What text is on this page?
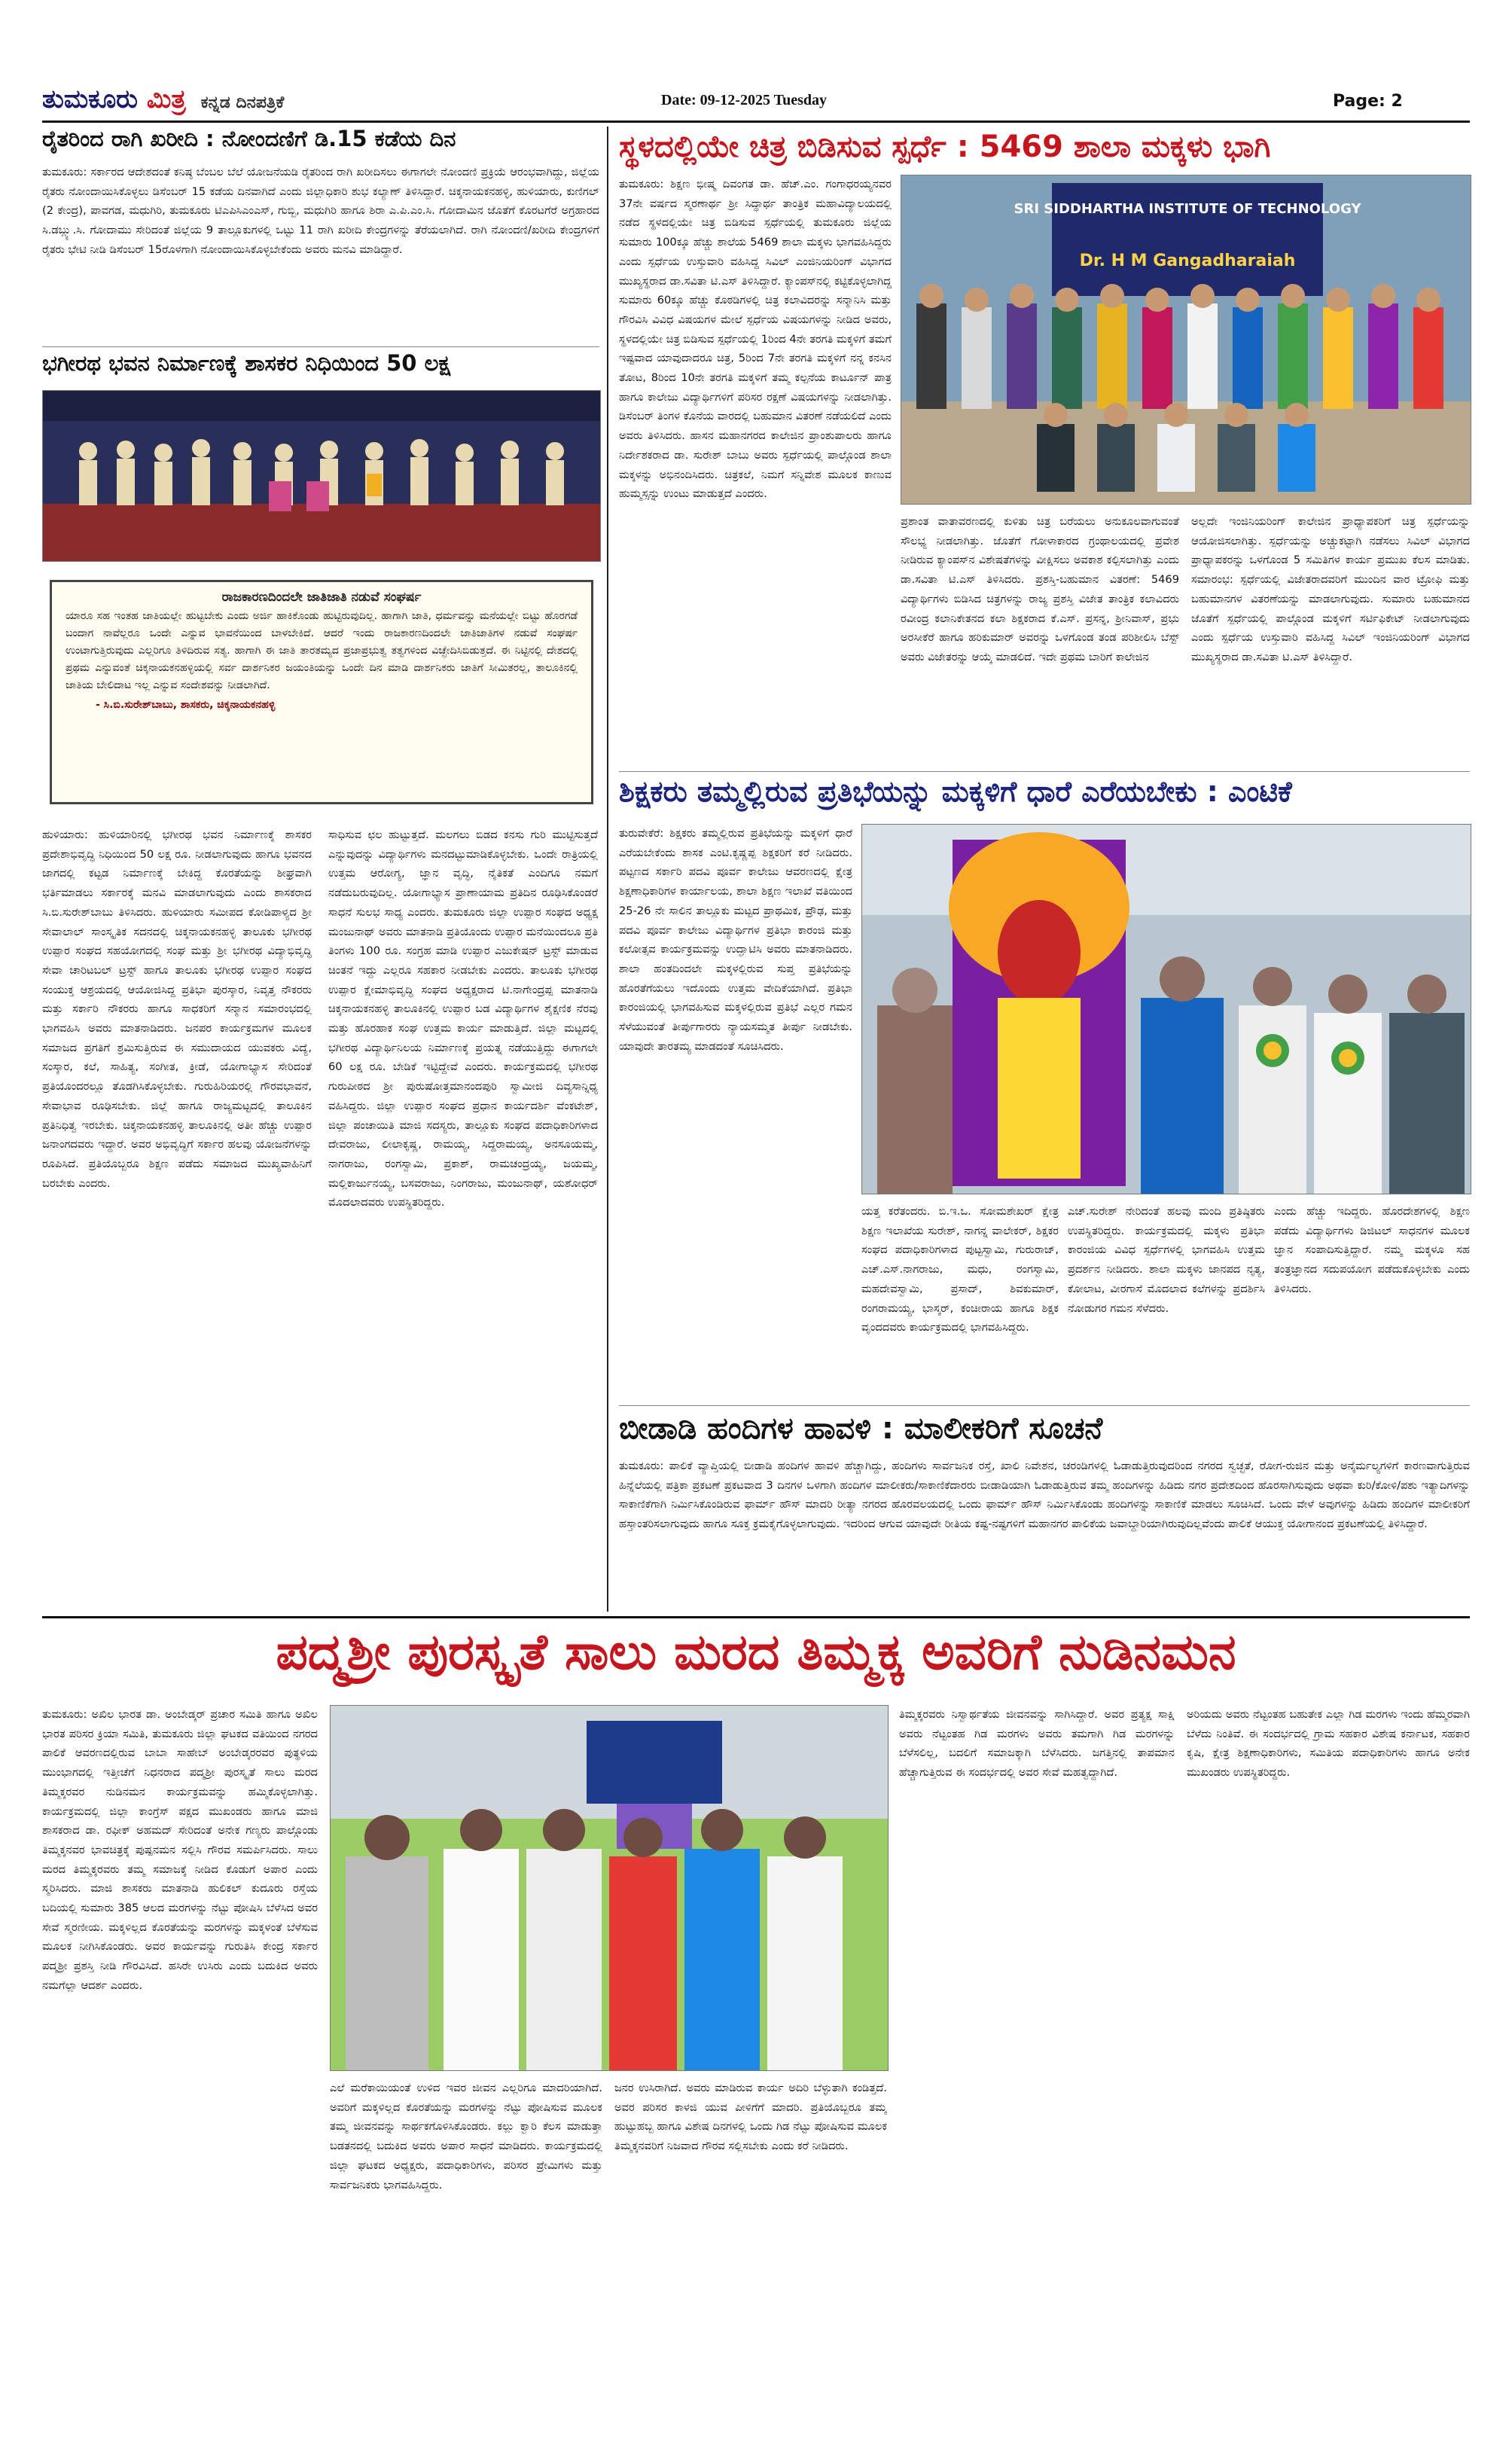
ತುಮಕೂರು ಮಿತ್ರ ಕನ್ನಡ ದಿನಪತ್ರಿಕೆ	Date: 09-12-2025 Tuesday	Page: 2
ರೈತರಿಂದ ರಾಗಿ ಖರೀದಿ : ನೋಂದಣಿಗೆ ಡಿ.15 ಕಡೆಯ ದಿನ
ತುಮಕೂರು: ಸರ್ಕಾರದ ಆದೇಶದಂತೆ ಕನಿಷ್ಠ ಬೆಂಬಲ ಬೆಲೆ ಯೋಜನೆಯಡಿ ರೈತರಿಂದ ರಾಗಿ ಖರೀದಿಸಲು ಈಗಾಗಲೇ ನೋಂದಣಿ ಪ್ರಕ್ರಿಯೆ ಆರಂಭವಾಗಿದ್ದು, ಜಿಲ್ಲೆಯ ರೈತರು ನೋಂದಾಯಿಸಿಕೊಳ್ಳಲು ಡಿಸೆಂಬರ್ 15 ಕಡೆಯ ದಿನವಾಗಿದೆ ಎಂದು ಜಿಲ್ಲಾಧಿಕಾರಿ ಶುಭ ಕಲ್ಯಾಣ್ ತಿಳಿಸಿದ್ದಾರೆ. ಚಿಕ್ಕನಾಯಕನಹಳ್ಳಿ, ಹುಳಿಯಾರು, ಕುಣಿಗಲ್ (2 ಕೇಂದ್ರ), ಪಾವಗಡ, ಮಧುಗಿರಿ, ತುಮಕೂರು ಟಿಎಪಿಸಿಎಂಎಸ್, ಗುಬ್ಬಿ, ಮಧುಗಿರಿ ಹಾಗೂ ಶಿರಾ ಎ.ಪಿ.ಎಂ.ಸಿ. ಗೋದಾಮಿನ ಜೊತೆಗೆ ಕೊರಟಗೆರೆ ಅಗ್ರಹಾರದ ಸಿ.ಡಬ್ಲ್ಯು.ಸಿ. ಗೋದಾಮು ಸೇರಿದಂತೆ ಜಿಲ್ಲೆಯ 9 ತಾಲ್ಲೂಕುಗಳಲ್ಲಿ ಒಟ್ಟು 11 ರಾಗಿ ಖರೀದಿ ಕೇಂದ್ರಗಳನ್ನು ತೆರೆಯಲಾಗಿದೆ. ರಾಗಿ ನೋಂದಣಿ/ಖರೀದಿ ಕೇಂದ್ರಗಳಿಗೆ ರೈತರು ಭೇಟಿ ನೀಡಿ ಡಿಸೆಂಬರ್ 15ರೊಳಗಾಗಿ ನೋಂದಾಯಿಸಿಕೊಳ್ಳಬೇಕೆಂದು ಅವರು ಮನವಿ ಮಾಡಿದ್ದಾರೆ.
ಭಗೀರಥ ಭವನ ನಿರ್ಮಾಣಕ್ಕೆ ಶಾಸಕರ ನಿಧಿಯಿಂದ 50 ಲಕ್ಷ
ರಾಜಕಾರಣದಿಂದಲೇ ಜಾತಿಜಾತಿ ನಡುವೆ ಸಂಘರ್ಷ
ಯಾರೂ ಸಹ ಇಂತಹ ಜಾತಿಯಲ್ಲೇ ಹುಟ್ಟಬೇಕು ಎಂದು ಅರ್ಜಿ ಹಾಕಿಕೊಂಡು ಹುಟ್ಟಿರುವುದಿಲ್ಲ. ಹಾಗಾಗಿ ಜಾತಿ, ಧರ್ಮವನ್ನು ಮನೆಯಲ್ಲೇ ಬಿಟ್ಟು ಹೊರಗಡೆ ಬಂದಾಗ ನಾವೆಲ್ಲರೂ ಒಂದೇ ಎನ್ನುವ ಭಾವನೆಯಿಂದ ಬಾಳಬೇಕಿದೆ. ಆದರೆ ಇಂದು ರಾಜಕಾರಣದಿಂದಲೇ ಜಾತಿಜಾತಿಗಳ ನಡುವೆ ಸಂಘರ್ಷ ಉಂಟಾಗುತ್ತಿರುವುದು ಎಲ್ಲರಿಗೂ ತಿಳಿದಿರುವ ಸತ್ಯ. ಹಾಗಾಗಿ ಈ ಜಾತಿ ತಾರತಮ್ಯದ ಪ್ರಜಾಪ್ರಭುತ್ವ ತತ್ವಗಳಿಂದ ವಿಚ್ಛೇದಿಸಿಬಿಡುತ್ತದೆ. ಈ ನಿಟ್ಟಿನಲ್ಲಿ ದೇಶದಲ್ಲಿ ಪ್ರಥಮ ಎನ್ನುವಂತೆ ಚಿಕ್ಕನಾಯಕನಹಳ್ಳಿಯಲ್ಲಿ ಸರ್ವ ದಾರ್ಶನಿಕರ ಜಯಂತಿಯನ್ನು ಒಂದೇ ದಿನ ಮಾಡಿ ದಾರ್ಶನಿಕರು ಜಾತಿಗೆ ಸೀಮಿತರಲ್ಲ, ತಾಲೂಕಿನಲ್ಲಿ ಜಾತಿಯ ಬೇಲಿದಾಟ ಇಲ್ಲ ಎನ್ನುವ ಸಂದೇಶವನ್ನು ನೀಡಲಾಗಿದೆ.
- ಸಿ.ಬಿ.ಸುರೇಶ್‌ಬಾಬು, ಶಾಸಕರು, ಚಿಕ್ಕನಾಯಕನಹಳ್ಳಿ
ಹುಳಿಯಾರು: ಹುಳಿಯಾರಿನಲ್ಲಿ ಭಗೀರಥ ಭವನ ನಿರ್ಮಾಣಕ್ಕೆ ಶಾಸಕರ ಪ್ರದೇಶಾಭಿವೃದ್ಧಿ ನಿಧಿಯಿಂದ 50 ಲಕ್ಷ ರೂ. ನೀಡಲಾಗುವುದು ಹಾಗೂ ಭವನದ ಜಾಗದಲ್ಲಿ ಕಟ್ಟಡ ನಿರ್ಮಾಣಕ್ಕೆ ಬೇಕಿದ್ದ ಕೊರತೆಯನ್ನು ಶೀಘ್ರವಾಗಿ ಭರ್ತಿಮಾಡಲು ಸರ್ಕಾರಕ್ಕೆ ಮನವಿ ಮಾಡಲಾಗುವುದು ಎಂದು ಶಾಸಕರಾದ ಸಿ.ಬಿ.ಸುರೇಶ್‌ಬಾಬು ತಿಳಿಸಿದರು. ಹುಳಿಯಾರು ಸಮೀಪದ ಕೋಡಿಪಾಳ್ಯದ ಶ್ರೀ ಸೇವಾಲಾಲ್ ಸಾಂಸ್ಕೃತಿಕ ಸದನದಲ್ಲಿ ಚಿಕ್ಕನಾಯಕನಹಳ್ಳಿ ತಾಲೂಕು ಭಗೀರಥ ಉಪ್ಪಾರ ಸಂಘದ ಸಹಯೋಗದಲ್ಲಿ ಸಂಘ ಮತ್ತು ಶ್ರೀ ಭಗೀರಥ ವಿದ್ಯಾಭಿವೃದ್ಧಿ ಸೇವಾ ಚಾರಿಟಬಲ್ ಟ್ರಸ್ಟ್ ಹಾಗೂ ತಾಲೂಕು ಭಗೀರಥ ಉಪ್ಪಾರ ಸಂಘದ ಸಂಯುಕ್ತ ಆಶ್ರಯದಲ್ಲಿ ಆಯೋಜಿಸಿದ್ದ ಪ್ರತಿಭಾ ಪುರಸ್ಕಾರ, ನಿವೃತ್ತ ನೌಕರರು ಮತ್ತು ಸರ್ಕಾರಿ ನೌಕರರು ಹಾಗೂ ಸಾಧಕರಿಗೆ ಸನ್ಮಾನ ಸಮಾರಂಭದಲ್ಲಿ ಭಾಗವಹಿಸಿ ಅವರು ಮಾತನಾಡಿದರು. ಜನಪರ ಕಾರ್ಯಕ್ರಮಗಳ ಮೂಲಕ ಸಮಾಜದ ಪ್ರಗತಿಗೆ ಶ್ರಮಿಸುತ್ತಿರುವ ಈ ಸಮುದಾಯದ ಯುವಕರು ವಿದ್ಯೆ, ಸಂಸ್ಕಾರ, ಕಲೆ, ಸಾಹಿತ್ಯ, ಸಂಗೀತ, ಕ್ರೀಡೆ, ಯೋಗಾಭ್ಯಾಸ ಸೇರಿದಂತೆ ಪ್ರತಿಯೊಂದರಲ್ಲೂ ತೊಡಗಿಸಿಕೊಳ್ಳಬೇಕು. ಗುರುಹಿರಿಯರಲ್ಲಿ ಗೌರವಭಾವನೆ, ಸೇವಾಭಾವ ರೂಢಿಸಬೇಕು. ಜಿಲ್ಲೆ ಹಾಗೂ ರಾಜ್ಯಮಟ್ಟದಲ್ಲಿ ತಾಲೂಕಿನ ಪ್ರತಿನಿಧಿತ್ವ ಇರಬೇಕು. ಚಿಕ್ಕನಾಯಕನಹಳ್ಳಿ ತಾಲೂಕಿನಲ್ಲಿ ಅತೀ ಹೆಚ್ಚು ಉಪ್ಪಾರ ಜನಾಂಗದವರು ಇದ್ದಾರೆ. ಅವರ ಅಭಿವೃದ್ಧಿಗೆ ಸರ್ಕಾರ ಹಲವು ಯೋಜನೆಗಳನ್ನು ರೂಪಿಸಿದೆ. ಪ್ರತಿಯೊಬ್ಬರೂ ಶಿಕ್ಷಣ ಪಡೆದು ಸಮಾಜದ ಮುಖ್ಯವಾಹಿನಿಗೆ ಬರಬೇಕು ಎಂದರು.
ಸಾಧಿಸುವ ಛಲ ಹುಟ್ಟುತ್ತದೆ. ಮಲಗಲು ಬಿಡದ ಕನಸು ಗುರಿ ಮುಟ್ಟಿಸುತ್ತದೆ ಎನ್ನುವುದನ್ನು ವಿದ್ಯಾರ್ಥಿಗಳು ಮನದಟ್ಟುಮಾಡಿಕೊಳ್ಳಬೇಕು. ಒಂದೇ ರಾತ್ರಿಯಲ್ಲಿ ಉತ್ತಮ ಆರೋಗ್ಯ, ಜ್ಞಾನ ವೃದ್ಧಿ, ನೈತಿಕತೆ ಎಂದಿಗೂ ನಮಗೆ ನಡೆದುಬರುವುದಿಲ್ಲ. ಯೋಗಾಭ್ಯಾಸ ಪ್ರಾಣಾಯಾಮ ಪ್ರತಿದಿನ ರೂಢಿಸಿಕೊಂಡರೆ ಸಾಧನೆ ಸುಲಭ ಸಾಧ್ಯ ಎಂದರು. ತುಮಕೂರು ಜಿಲ್ಲಾ ಉಪ್ಪಾರ ಸಂಘದ ಅಧ್ಯಕ್ಷ ಮಂಜುನಾಥ್ ಅವರು ಮಾತನಾಡಿ ಪ್ರತಿಯೊಂದು ಉಪ್ಪಾರ ಮನೆಯಿಂದಲೂ ಪ್ರತಿ ತಿಂಗಳು 100 ರೂ. ಸಂಗ್ರಹ ಮಾಡಿ ಉಪ್ಪಾರ ಎಜುಕೇಷನ್ ಟ್ರಸ್ಟ್ ಮಾಡುವ ಚಿಂತನೆ ಇದ್ದು ಎಲ್ಲರೂ ಸಹಕಾರ ನೀಡಬೇಕು ಎಂದರು. ತಾಲೂಕು ಭಗೀರಥ ಉಪ್ಪಾರ ಕ್ಷೇಮಾಭಿವೃದ್ಧಿ ಸಂಘದ ಅಧ್ಯಕ್ಷರಾದ ಟಿ.ನಾಗೇಂದ್ರಪ್ಪ ಮಾತನಾಡಿ ಚಿಕ್ಕನಾಯಕನಹಳ್ಳಿ ತಾಲೂಕಿನಲ್ಲಿ ಉಪ್ಪಾರ ಬಡ ವಿದ್ಯಾರ್ಥಿಗಳ ಶೈಕ್ಷಣಿಕ ನೆರವು ಮತ್ತು ಹೊರಹಾಕ ಸಂಘ ಉತ್ತಮ ಕಾರ್ಯ ಮಾಡುತ್ತಿದೆ. ಜಿಲ್ಲಾ ಮಟ್ಟದಲ್ಲಿ ಭಗೀರಥ ವಿದ್ಯಾರ್ಥಿನಿಲಯ ನಿರ್ಮಾಣಕ್ಕೆ ಪ್ರಯತ್ನ ನಡೆಯುತ್ತಿದ್ದು ಈಗಾಗಲೇ 60 ಲಕ್ಷ ರೂ. ಬೇಡಿಕೆ ಇಟ್ಟಿದ್ದೇವೆ ಎಂದರು. ಕಾರ್ಯಕ್ರಮದಲ್ಲಿ ಭಗೀರಥ ಗುರುಪೀಠದ ಶ್ರೀ ಪುರುಷೋತ್ತಮಾನಂದಪುರಿ ಸ್ವಾಮೀಜಿ ದಿವ್ಯಸಾನ್ನಿಧ್ಯ ವಹಿಸಿದ್ದರು. ಜಿಲ್ಲಾ ಉಪ್ಪಾರ ಸಂಘದ ಪ್ರಧಾನ ಕಾರ್ಯದರ್ಶಿ ವೆಂಕಟೇಶ್, ಜಿಲ್ಲಾ ಪಂಚಾಯಿತಿ ಮಾಜಿ ಸದಸ್ಯರು, ತಾಲ್ಲೂಕು ಸಂಘದ ಪದಾಧಿಕಾರಿಗಳಾದ ದೇವರಾಜು, ಲೀಲಾಕೃಷ್ಣ, ರಾಮಯ್ಯ, ಸಿದ್ದರಾಮಯ್ಯ, ಅನಸೂಯಮ್ಮ, ನಾಗರಾಜು, ರಂಗಸ್ವಾಮಿ, ಪ್ರಕಾಶ್, ರಾಮಚಂದ್ರಯ್ಯ, ಜಯಮ್ಮ, ಮಲ್ಲಿಕಾರ್ಜುನಯ್ಯ, ಬಸವರಾಜು, ನಿಂಗರಾಜು, ಮಂಜುನಾಥ್, ಯಶೋಧರ್ ಮೊದಲಾದವರು ಉಪಸ್ಥಿತರಿದ್ದರು.
ಸ್ಥಳದಲ್ಲಿಯೇ ಚಿತ್ರ ಬಿಡಿಸುವ ಸ್ಪರ್ಧೆ : 5469 ಶಾಲಾ ಮಕ್ಕಳು ಭಾಗಿ
ತುಮಕೂರು: ಶಿಕ್ಷಣ ಭೀಷ್ಮ ದಿವಂಗತ ಡಾ. ಹೆಚ್.ಎಂ. ಗಂಗಾಧರಯ್ಯನವರ 37ನೇ ವರ್ಷದ ಸ್ಮರಣಾರ್ಥ ಶ್ರೀ ಸಿದ್ಧಾರ್ಥ ತಾಂತ್ರಿಕ ಮಹಾವಿದ್ಯಾಲಯದಲ್ಲಿ ನಡೆದ ಸ್ಥಳದಲ್ಲಿಯೇ ಚಿತ್ರ ಬಿಡಿಸುವ ಸ್ಪರ್ಧೆಯಲ್ಲಿ ತುಮಕೂರು ಜಿಲ್ಲೆಯ ಸುಮಾರು 100ಕ್ಕೂ ಹೆಚ್ಚು ಶಾಲೆಯ 5469 ಶಾಲಾ ಮಕ್ಕಳು ಭಾಗವಹಿಸಿದ್ದರು ಎಂದು ಸ್ಪರ್ಧೆಯ ಉಸ್ತುವಾರಿ ವಹಿಸಿದ್ದ ಸಿವಿಲ್ ಎಂಜಿನಿಯರಿಂಗ್ ವಿಭಾಗದ ಮುಖ್ಯಸ್ಥರಾದ ಡಾ.ಸವಿತಾ ಟಿ.ಎಸ್ ತಿಳಿಸಿದ್ದಾರೆ. ಕ್ಯಾಂಪಸ್‌ನಲ್ಲಿ ಕಟ್ಟಿಕೊಳ್ಳಲಾಗಿದ್ದ ಸುಮಾರು 60ಕ್ಕೂ ಹೆಚ್ಚು ಕೊಠಡಿಗಳಲ್ಲಿ ಚಿತ್ರ ಕಲಾವಿದರನ್ನು ಸನ್ಮಾನಿಸಿ ಮತ್ತು ಗೌರವಿಸಿ ವಿವಿಧ ವಿಷಯಗಳ ಮೇಲೆ ಸ್ಪರ್ಧೆಯ ವಿಷಯಗಳನ್ನು ನೀಡಿದ ಅವರು, ಸ್ಥಳದಲ್ಲಿಯೇ ಚಿತ್ರ ಬಿಡಿಸುವ ಸ್ಪರ್ಧೆಯಲ್ಲಿ 1ರಿಂದ 4ನೇ ತರಗತಿ ಮಕ್ಕಳಿಗೆ ತಮಗೆ ಇಷ್ಟವಾದ ಯಾವುದಾದರೂ ಚಿತ್ರ, 5ರಿಂದ 7ನೇ ತರಗತಿ ಮಕ್ಕಳಿಗೆ ನನ್ನ ಕನಸಿನ ತೋಟ, 8ರಿಂದ 10ನೇ ತರಗತಿ ಮಕ್ಕಳಿಗೆ ತಮ್ಮ ಕಲ್ಪನೆಯ ಕಾರ್ಟೂನ್ ಪಾತ್ರ ಹಾಗೂ ಕಾಲೇಜು ವಿದ್ಯಾರ್ಥಿಗಳಿಗೆ ಪರಿಸರ ರಕ್ಷಣೆ ವಿಷಯಗಳನ್ನು ನೀಡಲಾಗಿತ್ತು. ಡಿಸೆಂಬರ್ ತಿಂಗಳ ಕೊನೆಯ ವಾರದಲ್ಲಿ ಬಹುಮಾನ ವಿತರಣೆ ನಡೆಯಲಿದೆ ಎಂದು ಅವರು ತಿಳಿಸಿದರು. ಹಾಸನ ಮಹಾನಗರದ ಕಾಲೇಜಿನ ಪ್ರಾಂಶುಪಾಲರು ಹಾಗೂ ನಿರ್ದೇಶಕರಾದ ಡಾ. ಸುರೇಶ್ ಬಾಬು ಅವರು ಸ್ಪರ್ಧೆಯಲ್ಲಿ ಪಾಲ್ಗೊಂಡ ಶಾಲಾ ಮಕ್ಕಳನ್ನು ಅಭಿನಂದಿಸಿದರು. ಚಿತ್ರಕಲೆ, ನಿಮಗೆ ಸನ್ನಿವೇಶ ಮೂಲಕ ಕಾಣುವ ಹುಮ್ಮಸ್ಸನ್ನು ಉಂಟು ಮಾಡುತ್ತದೆ ಎಂದರು.
SRI SIDDHARTHA INSTITUTE OF TECHNOLOGY
Dr. H M Gangadharaiah
ಪ್ರಶಾಂತ ವಾತಾವರಣದಲ್ಲಿ ಕುಳಿತು ಚಿತ್ರ ಬರೆಯಲು ಅನುಕೂಲವಾಗುವಂತೆ ಸೌಲಭ್ಯ ನೀಡಲಾಗಿತ್ತು. ಜೊತೆಗೆ ಗೋಳಾಕಾರದ ಗ್ರಂಥಾಲಯದಲ್ಲಿ ಪ್ರವೇಶ ನೀಡಿರುವ ಕ್ಯಾಂಪಸ್‌ನ ವಿಶೇಷತೆಗಳನ್ನು ವೀಕ್ಷಿಸಲು ಅವಕಾಶ ಕಲ್ಪಿಸಲಾಗಿತ್ತು ಎಂದು ಡಾ.ಸವಿತಾ ಟಿ.ಎಸ್ ತಿಳಿಸಿದರು. ಪ್ರಶಸ್ತಿ-ಬಹುಮಾನ ವಿತರಣೆ: 5469 ವಿದ್ಯಾರ್ಥಿಗಳು ಬಿಡಿಸಿದ ಚಿತ್ರಗಳನ್ನು ರಾಜ್ಯ ಪ್ರಶಸ್ತಿ ವಿಜೇತ ತಾಂತ್ರಿಕ ಕಲಾವಿದರು ರವೀಂದ್ರ ಕಲಾನಿಕೇತನದ ಕಲಾ ಶಿಕ್ಷಕರಾದ ಕೆ.ಎಸ್. ಪ್ರಸನ್ನ, ಶ್ರೀನಿವಾಸ್, ಪ್ರಭು ಅರಸೀಕೆರೆ ಹಾಗೂ ಹರಿಕುಮಾರ್ ಅವರನ್ನು ಒಳಗೊಂಡ ತಂಡ ಪರಿಶೀಲಿಸಿ ಬೆಸ್ಟ್ ಅವರು ವಿಜೇತರನ್ನು ಆಯ್ಕೆ ಮಾಡಲಿದೆ. ಇದೇ ಪ್ರಥಮ ಬಾರಿಗೆ ಕಾಲೇಜಿನ
ಅಲ್ಲದೇ ಇಂಜಿನಿಯರಿಂಗ್ ಕಾಲೇಜಿನ ಪ್ರಾಧ್ಯಾಪಕರಿಗೆ ಚಿತ್ರ ಸ್ಪರ್ಧೆಯನ್ನು ಆಯೋಜಿಸಲಾಗಿತ್ತು. ಸ್ಪರ್ಧೆಯನ್ನು ಅಚ್ಚುಕಟ್ಟಾಗಿ ನಡೆಸಲು ಸಿವಿಲ್ ವಿಭಾಗದ ಪ್ರಾಧ್ಯಾಪಕರನ್ನು ಒಳಗೊಂಡ 5 ಸಮಿತಿಗಳ ಕಾರ್ಯ ಪ್ರಮುಖ ಕೆಲಸ ಮಾಡಿತು. ಸಮಾರಂಭ: ಸ್ಪರ್ಧೆಯಲ್ಲಿ ವಿಜೇತರಾದವರಿಗೆ ಮುಂದಿನ ವಾರ ಟ್ರೋಫಿ ಮತ್ತು ಬಹುಮಾನಗಳ ವಿತರಣೆಯನ್ನು ಮಾಡಲಾಗುವುದು. ಸುಮಾರು ಬಹುಮಾನದ ಜೊತೆಗೆ ಸ್ಪರ್ಧೆಯಲ್ಲಿ ಪಾಲ್ಗೊಂಡ ಮಕ್ಕಳಿಗೆ ಸರ್ಟಿಫಿಕೇಟ್ ನೀಡಲಾಗುವುದು ಎಂದು ಸ್ಪರ್ಧೆಯ ಉಸ್ತುವಾರಿ ವಹಿಸಿದ್ದ ಸಿವಿಲ್ ಇಂಜಿನಿಯರಿಂಗ್ ವಿಭಾಗದ ಮುಖ್ಯಸ್ಥರಾದ ಡಾ.ಸವಿತಾ ಟಿ.ಎಸ್ ತಿಳಿಸಿದ್ದಾರೆ.
ಶಿಕ್ಷಕರು ತಮ್ಮಲ್ಲಿರುವ ಪ್ರತಿಭೆಯನ್ನು ಮಕ್ಕಳಿಗೆ ಧಾರೆ ಎರೆಯಬೇಕು : ಎಂಟಿಕೆ
ತುರುವೇಕೆರೆ: ಶಿಕ್ಷಕರು ತಮ್ಮಲ್ಲಿರುವ ಪ್ರತಿಭೆಯನ್ನು ಮಕ್ಕಳಿಗೆ ಧಾರೆ ಎರೆಯಬೇಕೆಂದು ಶಾಸಕ ಎಂಟಿ.ಕೃಷ್ಣಪ್ಪ ಶಿಕ್ಷಕರಿಗೆ ಕರೆ ನೀಡಿದರು. ಪಟ್ಟಣದ ಸರ್ಕಾರಿ ಪದವಿ ಪೂರ್ವ ಕಾಲೇಜು ಆವರಣದಲ್ಲಿ ಕ್ಷೇತ್ರ ಶಿಕ್ಷಣಾಧಿಕಾರಿಗಳ ಕಾರ್ಯಾಲಯ, ಶಾಲಾ ಶಿಕ್ಷಣ ಇಲಾಖೆ ವತಿಯಿಂದ 25-26 ನೇ ಸಾಲಿನ ತಾಲ್ಲೂಕು ಮಟ್ಟದ ಪ್ರಾಥಮಿಕ, ಪ್ರೌಢ, ಮತ್ತು ಪದವಿ ಪೂರ್ವ ಕಾಲೇಜು ವಿದ್ಯಾರ್ಥಿಗಳ ಪ್ರತಿಭಾ ಕಾರಂಜಿ ಮತ್ತು ಕಲೋತ್ಸವ ಕಾರ್ಯಕ್ರಮವನ್ನು ಉದ್ಘಾಟಿಸಿ ಅವರು ಮಾತನಾಡಿದರು. ಶಾಲಾ ಹಂತದಿಂದಲೇ ಮಕ್ಕಳಲ್ಲಿರುವ ಸುಪ್ತ ಪ್ರತಿಭೆಯನ್ನು ಹೊರತೆಗೆಯಲು ಇದೊಂದು ಉತ್ತಮ ವೇದಿಕೆಯಾಗಿದೆ. ಪ್ರತಿಭಾ ಕಾರಂಜಿಯಲ್ಲಿ ಭಾಗವಹಿಸುವ ಮಕ್ಕಳಲ್ಲಿರುವ ಪ್ರತಿಭೆ ಎಲ್ಲರ ಗಮನ ಸೆಳೆಯುವಂತೆ ತೀರ್ಪುಗಾರರು ನ್ಯಾಯಸಮ್ಮತ ತೀರ್ಪು ನೀಡಬೇಕು. ಯಾವುದೇ ತಾರತಮ್ಯ ಮಾಡದಂತೆ ಸೂಚಿಸಿದರು.
ಯತ್ತ ಕರೆತಂದರು. ಬಿ.ಇ.ಒ. ಸೋಮಶೇಖರ್ ಕ್ಷೇತ್ರ ಶಿಕ್ಷಣ ಇಲಾಖೆಯ ಸುರೇಶ್, ನಾಗನ್ನ ವಾಲೇಕರ್, ಶಿಕ್ಷಕರ ಸಂಘದ ಪದಾಧಿಕಾರಿಗಳಾದ ಪುಟ್ಟಸ್ವಾಮಿ, ಗುರುರಾಜ್, ಎಚ್.ಎಸ್.ನಾಗರಾಜು, ಮಧು, ರಂಗಸ್ವಾಮಿ, ಮಹದೇವಸ್ವಾಮಿ, ಪ್ರಸಾದ್, ಶಿವಕುಮಾರ್, ರಂಗರಾಮಯ್ಯ, ಭಾಸ್ಕರ್, ಕಂಚೀರಾಯ ಹಾಗೂ ಶಿಕ್ಷಕ ವೃಂದದವರು ಕಾರ್ಯಕ್ರಮದಲ್ಲಿ ಭಾಗವಹಿಸಿದ್ದರು.
ಎಚ್.ಸುರೇಶ್ ನೇರಿದಂತೆ ಹಲವು ಮಂದಿ ಪ್ರತಿಷ್ಠಿತರು ಉಪಸ್ಥಿತರಿದ್ದರು. ಕಾರ್ಯಕ್ರಮದಲ್ಲಿ ಮಕ್ಕಳು ಪ್ರತಿಭಾ ಕಾರಂಜಿಯ ವಿವಿಧ ಸ್ಪರ್ಧೆಗಳಲ್ಲಿ ಭಾಗವಹಿಸಿ ಉತ್ತಮ ಪ್ರದರ್ಶನ ನೀಡಿದರು. ಶಾಲಾ ಮಕ್ಕಳು ಜಾನಪದ ನೃತ್ಯ, ಕೋಲಾಟ, ವೀರಗಾಸೆ ಮೊದಲಾದ ಕಲೆಗಳನ್ನು ಪ್ರದರ್ಶಿಸಿ ನೋಡುಗರ ಗಮನ ಸೆಳೆದರು.
ಎಂದು ಹೆಚ್ಚು ಇದಿದ್ದರು. ಹೊರದೇಶಗಳಲ್ಲಿ ಶಿಕ್ಷಣ ಪಡೆದು ವಿದ್ಯಾರ್ಥಿಗಳು ಡಿಜಿಟಲ್ ಸಾಧನಗಳ ಮೂಲಕ ಜ್ಞಾನ ಸಂಪಾದಿಸುತ್ತಿದ್ದಾರೆ. ನಮ್ಮ ಮಕ್ಕಳೂ ಸಹ ತಂತ್ರಜ್ಞಾನದ ಸದುಪಯೋಗ ಪಡೆದುಕೊಳ್ಳಬೇಕು ಎಂದು ತಿಳಿಸಿದರು.
ಬೀಡಾಡಿ ಹಂದಿಗಳ ಹಾವಳಿ : ಮಾಲೀಕರಿಗೆ ಸೂಚನೆ
ತುಮಕೂರು: ಪಾಲಿಕೆ ವ್ಯಾಪ್ತಿಯಲ್ಲಿ ಬೀಡಾಡಿ ಹಂದಿಗಳ ಹಾವಳಿ ಹೆಚ್ಚಾಗಿದ್ದು, ಹಂದಿಗಳು ಸಾರ್ವಜನಿಕ ರಸ್ತೆ, ಖಾಲಿ ನಿವೇಶನ, ಚರಂಡಿಗಳಲ್ಲಿ ಓಡಾಡುತ್ತಿರುವುದರಿಂದ ನಗರದ ಸ್ವಚ್ಛತೆ, ರೋಗ-ರುಜಿನ ಮತ್ತು ಅನೈರ್ಮಲ್ಯಗಳಿಗೆ ಕಾರಣವಾಗುತ್ತಿರುವ ಹಿನ್ನೆಲೆಯಲ್ಲಿ ಪತ್ರಿಕಾ ಪ್ರಕಟಣೆ ಪ್ರಕಟವಾದ 3 ದಿನಗಳ ಒಳಗಾಗಿ ಹಂದಿಗಳ ಮಾಲೀಕರು/ಸಾಕಾಣಿಕೆದಾರರು ಬೀಡಾಡಿಯಾಗಿ ಓಡಾಡುತ್ತಿರುವ ತಮ್ಮ ಹಂದಿಗಳನ್ನು ಹಿಡಿದು ನಗರ ಪ್ರದೇಶದಿಂದ ಹೊರಸಾಗಿಸುವುದು ಅಥವಾ ಕುರಿ/ಕೋಳಿ/ಪಶು ಇತ್ಯಾದಿಗಳನ್ನು ಸಾಕಾಣಿಕೆಗಾಗಿ ನಿರ್ಮಿಸಿಕೊಂಡಿರುವ ಫಾರ್ಮ್ ಹೌಸ್ ಮಾದರಿ ರೀತ್ಯಾ ನಗರದ ಹೊರವಲಯದಲ್ಲಿ ಒಂದು ಫಾರ್ಮ್ ಹೌಸ್ ನಿರ್ಮಿಸಿಕೊಂಡು ಹಂದಿಗಳನ್ನು ಸಾಕಾಣಿಕೆ ಮಾಡಲು ಸೂಚಿಸಿದೆ. ಒಂದು ವೇಳೆ ಅವುಗಳನ್ನು ಹಿಡಿದು ಹಂದಿಗಳ ಮಾಲೀಕರಿಗೆ ಹಸ್ತಾಂತರಿಸಲಾಗುವುದು ಹಾಗೂ ಸೂಕ್ತ ಕ್ರಮಕೈಗೊಳ್ಳಲಾಗುವುದು. ಇದರಿಂದ ಆಗುವ ಯಾವುದೇ ರೀತಿಯ ಕಷ್ಟ-ನಷ್ಟಗಳಿಗೆ ಮಹಾನಗರ ಪಾಲಿಕೆಯ ಜವಾಬ್ದಾರಿಯಾಗಿರುವುದಿಲ್ಲವೆಂದು ಪಾಲಿಕೆ ಆಯುಕ್ತ ಯೋಗಾನಂದ ಪ್ರಕಟಣೆಯಲ್ಲಿ ತಿಳಿಸಿದ್ದಾರೆ.
ಪದ್ಮಶ್ರೀ ಪುರಸ್ಕೃತೆ ಸಾಲು ಮರದ ತಿಮ್ಮಕ್ಕ ಅವರಿಗೆ ನುಡಿನಮನ
ತುಮಕೂರು: ಅಖಿಲ ಭಾರತ ಡಾ. ಅಂಬೇಡ್ಕರ್ ಪ್ರಚಾರ ಸಮಿತಿ ಹಾಗೂ ಅಖಿಲ ಭಾರತ ಪರಿಸರ ಕ್ರಿಯಾ ಸಮಿತಿ, ತುಮಕೂರು ಜಿಲ್ಲಾ ಘಟಕದ ವತಿಯಿಂದ ನಗರದ ಪಾಲಿಕೆ ಆವರಣದಲ್ಲಿರುವ ಬಾಬಾ ಸಾಹೇಬ್ ಅಂಬೇಡ್ಕರರವರ ಪುತ್ಥಳಿಯ ಮುಂಭಾಗದಲ್ಲಿ ಇತ್ತೀಚೆಗೆ ನಿಧನರಾದ ಪದ್ಮಶ್ರೀ ಪುರಸ್ಕೃತೆ ಸಾಲು ಮರದ ತಿಮ್ಮಕ್ಕರವರ ನುಡಿನಮನ ಕಾರ್ಯಕ್ರಮವನ್ನು ಹಮ್ಮಿಕೊಳ್ಳಲಾಗಿತ್ತು. ಕಾರ್ಯಕ್ರಮದಲ್ಲಿ ಜಿಲ್ಲಾ ಕಾಂಗ್ರೆಸ್ ಪಕ್ಷದ ಮುಖಂಡರು ಹಾಗೂ ಮಾಜಿ ಶಾಸಕರಾದ ಡಾ. ರಫೀಕ್ ಅಹಮದ್ ಸೇರಿದಂತೆ ಅನೇಕ ಗಣ್ಯರು ಪಾಲ್ಗೊಂಡು ತಿಮ್ಮಕ್ಕನವರ ಭಾವಚಿತ್ರಕ್ಕೆ ಪುಷ್ಪನಮನ ಸಲ್ಲಿಸಿ ಗೌರವ ಸಮರ್ಪಿಸಿದರು. ಸಾಲು ಮರದ ತಿಮ್ಮಕ್ಕರವರು ತಮ್ಮ ಸಮಾಜಕ್ಕೆ ನೀಡಿದ ಕೊಡುಗೆ ಅಪಾರ ಎಂದು ಸ್ಮರಿಸಿದರು. ಮಾಜಿ ಶಾಸಕರು ಮಾತನಾಡಿ ಹುಲಿಕಲ್ ಕುದೂರು ರಸ್ತೆಯ ಬದಿಯಲ್ಲಿ ಸುಮಾರು 385 ಆಲದ ಮರಗಳನ್ನು ನೆಟ್ಟು ಪೋಷಿಸಿ ಬೆಳೆಸಿದ ಅವರ ಸೇವೆ ಸ್ಮರಣೀಯ. ಮಕ್ಕಳಿಲ್ಲದ ಕೊರತೆಯನ್ನು ಮರಗಳನ್ನು ಮಕ್ಕಳಂತೆ ಬೆಳೆಸುವ ಮೂಲಕ ನೀಗಿಸಿಕೊಂಡರು. ಅವರ ಕಾರ್ಯವನ್ನು ಗುರುತಿಸಿ ಕೇಂದ್ರ ಸರ್ಕಾರ ಪದ್ಮಶ್ರೀ ಪ್ರಶಸ್ತಿ ನೀಡಿ ಗೌರವಿಸಿದೆ. ಹಸಿರೇ ಉಸಿರು ಎಂದು ಬದುಕಿದ ಅವರು ನಮಗೆಲ್ಲಾ ಆದರ್ಶ ಎಂದರು.
ಎಲೆ ಮರೆಕಾಯಿಯಂತೆ ಉಳಿದ ಇವರ ಜೀವನ ಎಲ್ಲರಿಗೂ ಮಾದರಿಯಾಗಿದೆ. ಅವರಿಗೆ ಮಕ್ಕಳಿಲ್ಲದ ಕೊರತೆಯನ್ನು ಮರಗಳನ್ನು ನೆಟ್ಟು ಪೋಷಿಸುವ ಮೂಲಕ ತಮ್ಮ ಜೀವನವನ್ನು ಸಾರ್ಥಕಗೊಳಿಸಿಕೊಂಡರು. ಕಲ್ಲು ಕ್ವಾರಿ ಕೆಲಸ ಮಾಡುತ್ತಾ ಬಡತನದಲ್ಲಿ ಬದುಕಿದ ಅವರು ಅಪಾರ ಸಾಧನೆ ಮಾಡಿದರು. ಕಾರ್ಯಕ್ರಮದಲ್ಲಿ ಜಿಲ್ಲಾ ಘಟಕದ ಅಧ್ಯಕ್ಷರು, ಪದಾಧಿಕಾರಿಗಳು, ಪರಿಸರ ಪ್ರೇಮಿಗಳು ಮತ್ತು ಸಾರ್ವಜನಿಕರು ಭಾಗವಹಿಸಿದ್ದರು.
ಜನರ ಉಸಿರಾಗಿದೆ. ಅವರು ಮಾಡಿರುವ ಕಾರ್ಯ ಅದಿರಿ ಬೆಳ್ಳುತಾಗಿ ಕಂಡಿತ್ತದೆ. ಅವರ ಪರಿಸರ ಕಾಳಜಿ ಯುವ ಪೀಳಿಗೆಗೆ ಮಾದರಿ. ಪ್ರತಿಯೊಬ್ಬರೂ ತಮ್ಮ ಹುಟ್ಟುಹಬ್ಬ ಹಾಗೂ ವಿಶೇಷ ದಿನಗಳಲ್ಲಿ ಒಂದು ಗಿಡ ನೆಟ್ಟು ಪೋಷಿಸುವ ಮೂಲಕ ತಿಮ್ಮಕ್ಕನವರಿಗೆ ನಿಜವಾದ ಗೌರವ ಸಲ್ಲಿಸಬೇಕು ಎಂದು ಕರೆ ನೀಡಿದರು.
ತಿಮ್ಮಕ್ಕರವರು ನಿಸ್ವಾರ್ಥತೆಯ ಜೀವನವನ್ನು ಸಾಗಿಸಿದ್ದಾರೆ. ಅವರ ಪ್ರತ್ಯಕ್ಷ ಸಾಕ್ಷಿ ಅವರು ನೆಟ್ಟಂತಹ ಗಿಡ ಮರಗಳು ಅವರು ತಮಗಾಗಿ ಗಿಡ ಮರಗಳನ್ನು ಬೆಳೆಸಲಿಲ್ಲ, ಬದಲಿಗೆ ಸಮಾಜಕ್ಕಾಗಿ ಬೆಳೆಸಿದರು. ಜಗತ್ತಿನಲ್ಲಿ ತಾಪಮಾನ ಹೆಚ್ಚಾಗುತ್ತಿರುವ ಈ ಸಂದರ್ಭದಲ್ಲಿ ಅವರ ಸೇವೆ ಮಹತ್ವದ್ದಾಗಿದೆ.
ಅರಿಯದು ಅವರು ನೆಟ್ಟಂತಹ ಬಹುತೇಕ ಎಲ್ಲಾ ಗಿಡ ಮರಗಳು ಇಂದು ಹೆಮ್ಮರವಾಗಿ ಬೆಳೆದು ನಿಂತಿವೆ. ಈ ಸಂದರ್ಭದಲ್ಲಿ ಗ್ರಾಮ ಸಹಕಾರ ವಿಶೇಷ ಕರ್ನಾಟಕ, ಸಹಕಾರ ಕೃಷಿ, ಕ್ಷೇತ್ರ ಶಿಕ್ಷಣಾಧಿಕಾರಿಗಳು, ಸಮಿತಿಯ ಪದಾಧಿಕಾರಿಗಳು ಹಾಗೂ ಅನೇಕ ಮುಖಂಡರು ಉಪಸ್ಥಿತರಿದ್ದರು.
